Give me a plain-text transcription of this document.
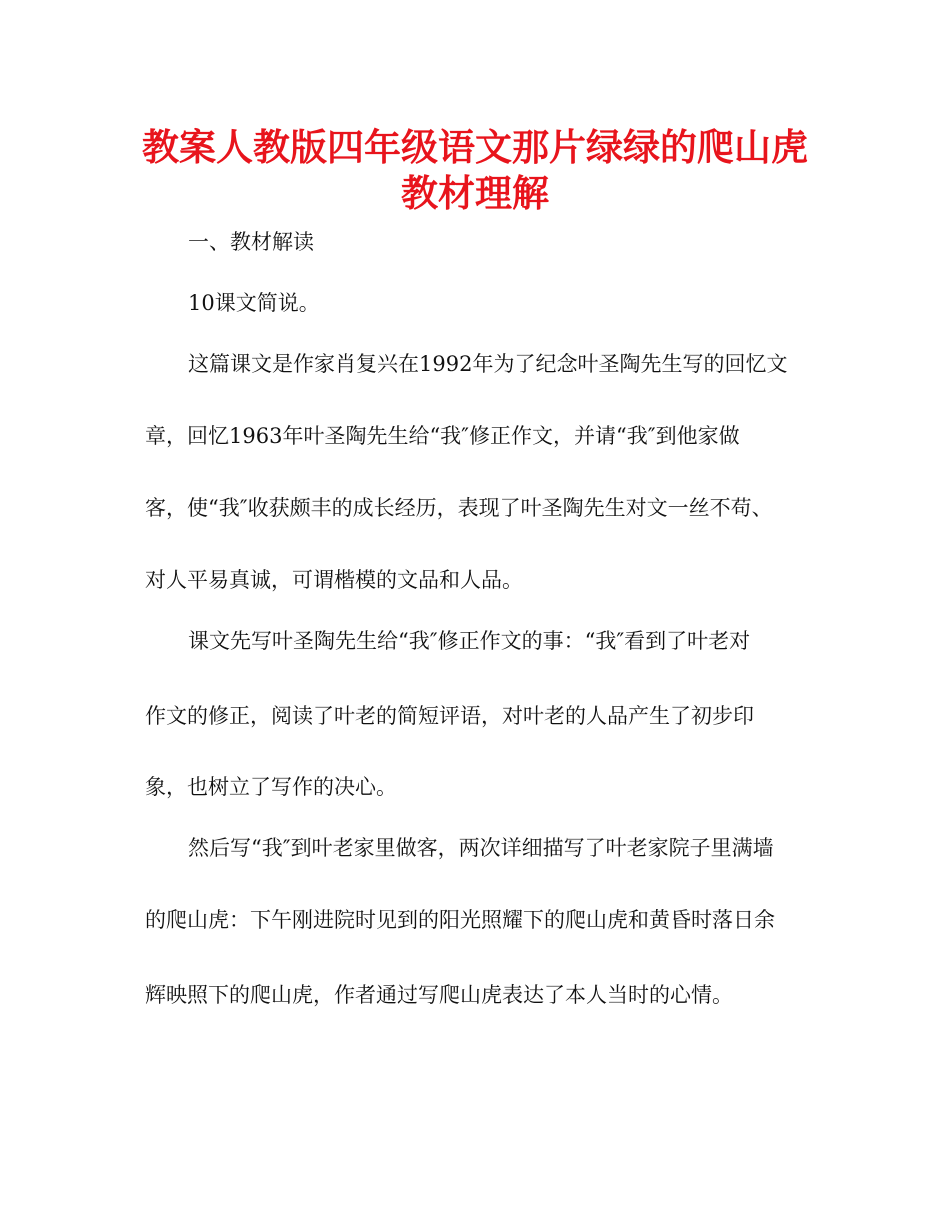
教案人教版四年级语文那片绿绿的爬山虎
教材理解

一、教材解读

10课文简说。

这篇课文是作家肖复兴在1992年为了纪念叶圣陶先生写的回忆文

章，回忆1963年叶圣陶先生给“我″修正作文，并请“我″到他家做

客，使“我″收获颇丰的成长经历，表现了叶圣陶先生对文一丝不苟、

对人平易真诚，可谓楷模的文品和人品。

课文先写叶圣陶先生给“我″修正作文的事：“我″看到了叶老对

作文的修正，阅读了叶老的简短评语，对叶老的人品产生了初步印

象，也树立了写作的决心。

然后写“我″到叶老家里做客，两次详细描写了叶老家院子里满墙

的爬山虎：下午刚进院时见到的阳光照耀下的爬山虎和黄昏时落日余

辉映照下的爬山虎，作者通过写爬山虎表达了本人当时的心情。
